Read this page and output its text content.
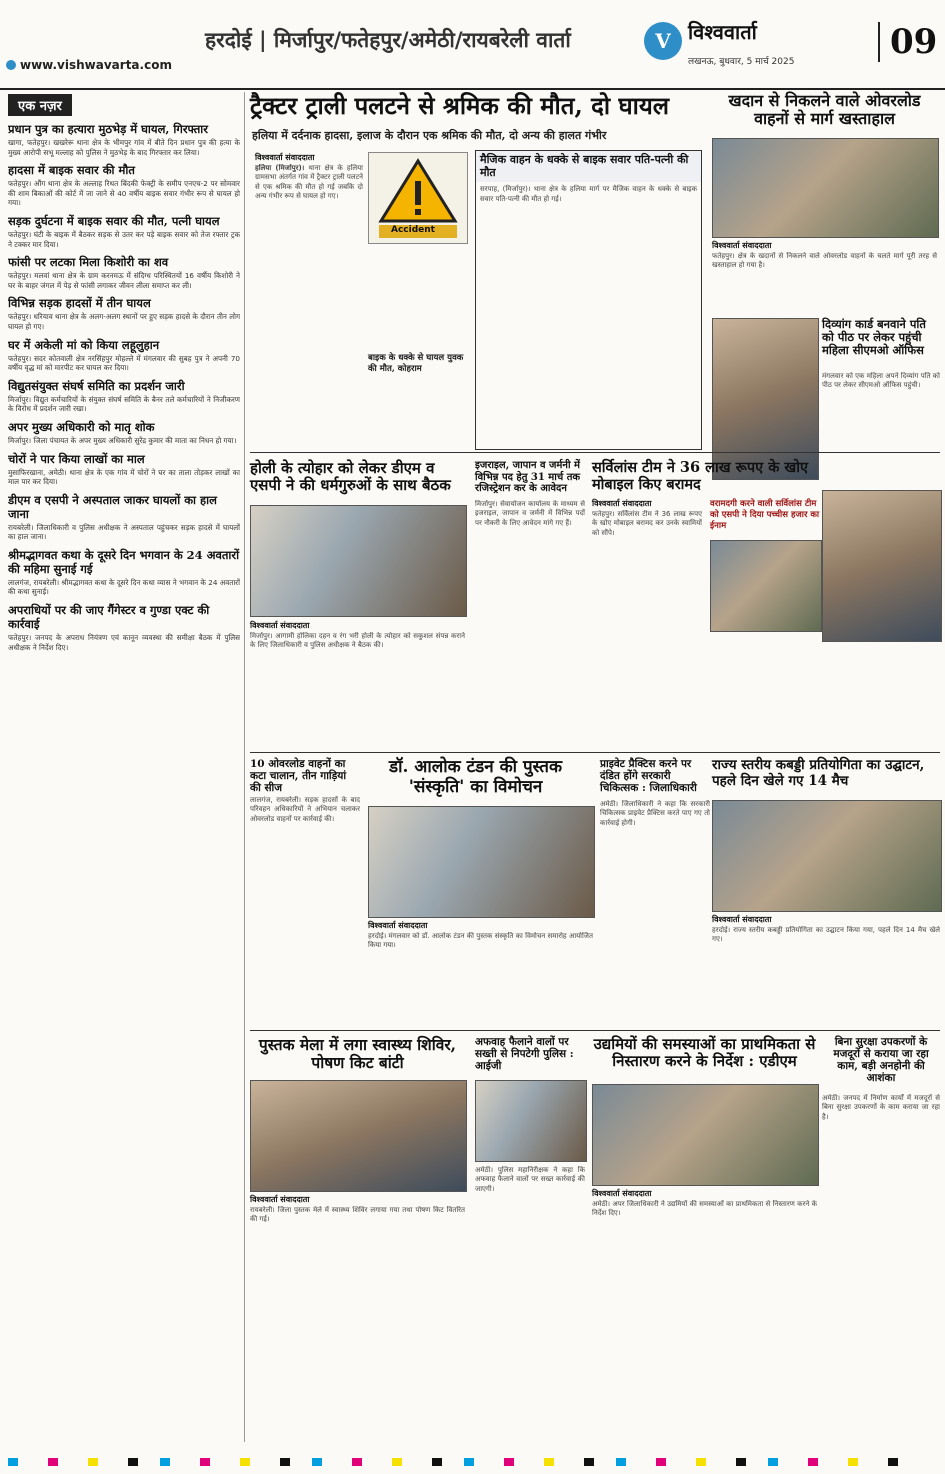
हरदोई | मिर्जापुर/फतेहपुर/अमेठी/रायबरेली वार्ता
www.vishwavarta.com
V विश्ववार्ता
लखनऊ, बुधवार, 5 मार्च 2025	09
एक नज़र
प्रधान पुत्र का हत्यारा मुठभेड़ में घायल, गिरफ्तार

खागा, फतेहपुर। खखरेरू थाना क्षेत्र के भीमपुर गांव में बीते दिन प्रधान पुत्र की हत्या के मुख्य आरोपी सभू मल्लाह को पुलिस ने मुठभेड़ के बाद गिरफ्तार कर लिया।

हादसा में बाइक सवार की मौत

फतेहपुर। औंग थाना क्षेत्र के अल्लाह रिथत बिंदकी फेक्ट्री के समीप एनएच-2 पर सोमवार की शाम बिकाओं की कोर्ट में जा जाने से 40 वर्षीय बाइक सवार गंभीर रूप से घायल हो गया।

सड़क दुर्घटना में बाइक सवार की मौत, पत्नी घायल

फतेहपुर। घंटी के बाइक में बैठकर सड़क से उतर कर पड़े बाइक सवार को तेज रफ्तार ट्रक ने टक्कर मार दिया।

फांसी पर लटका मिला किशोरी का शव

फतेहपुर। मलवां थाना क्षेत्र के ग्राम करनमऊ में संदिग्ध परिस्थितयों 16 वर्षीय किशोरी ने घर के बाहर जंगल में पेड़ से फांसी लगाकर जीवन लीला समाप्त कर ली।

विभिन्न सड़क हादसों में तीन घायल

फतेहपुर। धरियाव थाना क्षेत्र के अलग-अलग स्थानों पर हुए सड़क हादसे के दौरान तीन लोग घायल हो गए।

घर में अकेली मां को किया लहूलुहान

फतेहपुर। सदर कोतवाली क्षेत्र नरसिंहपुर मोहल्ले में मंगलवार की सुबह पुत्र ने अपनी 70 वर्षीय वृद्ध मां को मारपीट कर घायल कर दिया।

विद्युतसंयुक्त संघर्ष समिति का प्रदर्शन जारी

मिर्जापुर। विद्युत कर्मचारियों के संयुक्त संघर्ष समिति के बैनर तले कर्मचारियों ने निजीकरण के विरोध में प्रदर्शन जारी रखा।

अपर मुख्य अधिकारी को मातृ शोक

मिर्जापुर। जिला पंचायत के अपर मुख्य अधिकारी सुरेंद्र कुमार की माता का निधन हो गया।

चोरों ने पार किया लाखों का माल

मुसाफिरखाना, अमेठी। थाना क्षेत्र के एक गांव में चोरों ने घर का ताला तोड़कर लाखों का माल पार कर दिया।

डीएम व एसपी ने अस्पताल जाकर घायलों का हाल जाना

रायबरेली। जिलाधिकारी व पुलिस अधीक्षक ने अस्पताल पहुंचकर सड़क हादसे में घायलों का हाल जाना।

श्रीमद्भागवत कथा के दूसरे दिन भगवान के 24 अवतारों की महिमा सुनाई गई

लालगंज, रायबरेली। श्रीमद्भागवत कथा के दूसरे दिन कथा व्यास ने भगवान के 24 अवतारों की कथा सुनाई।

अपराधियों पर की जाए गैंगेस्टर व गुण्डा एक्ट की कार्रवाई

फतेहपुर। जनपद के अपराध नियंत्रण एवं कानून व्यवस्था की समीक्षा बैठक में पुलिस अधीक्षक ने निर्देश दिए।

ट्रैक्टर ट्राली पलटने से श्रमिक की मौत, दो घायल
हलिया में दर्दनाक हादसा, इलाज के दौरान एक श्रमिक की मौत, दो अन्य की हालत गंभीर
विश्ववार्ता संवाददाता
हलिया (मिर्जापुर)। थाना क्षेत्र के हलिया ग्रामसभा अंतर्गत गांव में ट्रैक्टर ट्राली पलटने से एक श्रमिक की मौत हो गई जबकि दो अन्य गंभीर रूप से घायल हो गए।
Accident
मैजिक वाहन के धक्के से बाइक सवार पति-पत्नी की मौत
सरपाह, (मिर्जापुर)। थाना क्षेत्र के हलिया मार्ग पर मैजिक वाहन के धक्के से बाइक सवार पति-पत्नी की मौत हो गई।
बाइक के धक्के से घायल युवक की मौत, कोहराम
खदान से निकलने वाले ओवरलोड वाहनों से मार्ग खस्ताहाल
विश्ववार्ता संवाददाता
फतेहपुर। क्षेत्र के खदानों से निकलने वाले ओवरलोड वाहनों के चलते मार्ग पूरी तरह से खस्ताहाल हो गया है।
दिव्यांग कार्ड बनवाने पति को पीठ पर लेकर पहुंची महिला सीएमओ ऑफिस
मंगलवार को एक महिला अपने दिव्यांग पति को पीठ पर लेकर सीएमओ ऑफिस पहुंची।
होली के त्योहार को लेकर डीएम व एसपी ने की धर्मगुरुओं के साथ बैठक
विश्ववार्ता संवाददाता
मिर्जापुर। आगामी होलिका दहन व रंग भरी होली के त्योहार को सकुशल संपन्न कराने के लिए जिलाधिकारी व पुलिस अधीक्षक ने बैठक की।
इजराइल, जापान व जर्मनी में विभिन्न पद हेतु 31 मार्च तक रजिस्ट्रेशन कर के आवेदन
मिर्जापुर। सेवायोजन कार्यालय के माध्यम से इजराइल, जापान व जर्मनी में विभिन्न पदों पर नौकरी के लिए आवेदन मांगे गए हैं।
सर्विलांस टीम ने 36 लाख रूपए के खोए मोबाइल किए बरामद
विश्ववार्ता संवाददाता
फतेहपुर। सर्विलांस टीम ने 36 लाख रूपए के खोए मोबाइल बरामद कर उनके स्वामियों को सौंपे।
वरामदगी करने वाली सर्विलांस टीम को एसपी ने दिया पच्चीस हजार का ईनाम
10 ओवरलोड वाहनों का कटा चालान, तीन गाड़ियां की सीज
लालगंज, रायबरेली। सड़क हादसों के बाद परिवहन अधिकारियों ने अभियान चलाकर ओवरलोड वाहनों पर कार्रवाई की।
डॉ. आलोक टंडन की पुस्तक 'संस्कृति' का विमोचन
विश्ववार्ता संवाददाता
हरदोई। मंगलवार को डॉ. आलोक टंडन की पुस्तक संस्कृति का विमोचन समारोह आयोजित किया गया।
प्राइवेट प्रैक्टिस करने पर दंडित होंगे सरकारी चिकित्सक : जिलाधिकारी
अमेठी। जिलाधिकारी ने कहा कि सरकारी चिकित्सक प्राइवेट प्रैक्टिस करते पाए गए तो कार्रवाई होगी।
राज्य स्तरीय कबड्डी प्रतियोगिता का उद्घाटन, पहले दिन खेले गए 14 मैच
विश्ववार्ता संवाददाता
हरदोई। राज्य स्तरीय कबड्डी प्रतियोगिता का उद्घाटन किया गया, पहले दिन 14 मैच खेले गए।
पुस्तक मेला में लगा स्वास्थ्य शिविर, पोषण किट बांटी
विश्ववार्ता संवाददाता
रायबरेली। जिला पुस्तक मेले में स्वास्थ्य शिविर लगाया गया तथा पोषण किट वितरित की गई।
अफवाह फैलाने वालों पर सख्ती से निपटेगी पुलिस : आईजी
अमेठी। पुलिस महानिरीक्षक ने कहा कि अफवाह फैलाने वालों पर सख्त कार्रवाई की जाएगी।
उद्यमियों की समस्याओं का प्राथमिकता से निस्तारण करने के निर्देश : एडीएम
विश्ववार्ता संवाददाता
अमेठी। अपर जिलाधिकारी ने उद्यमियों की समस्याओं का प्राथमिकता से निस्तारण करने के निर्देश दिए।
बिना सुरक्षा उपकरणों के मजदूरों से कराया जा रहा काम, बड़ी अनहोनी की आशंका
अमेठी। जनपद में निर्माण कार्यों में मजदूरों से बिना सुरक्षा उपकरणों के काम कराया जा रहा है।
